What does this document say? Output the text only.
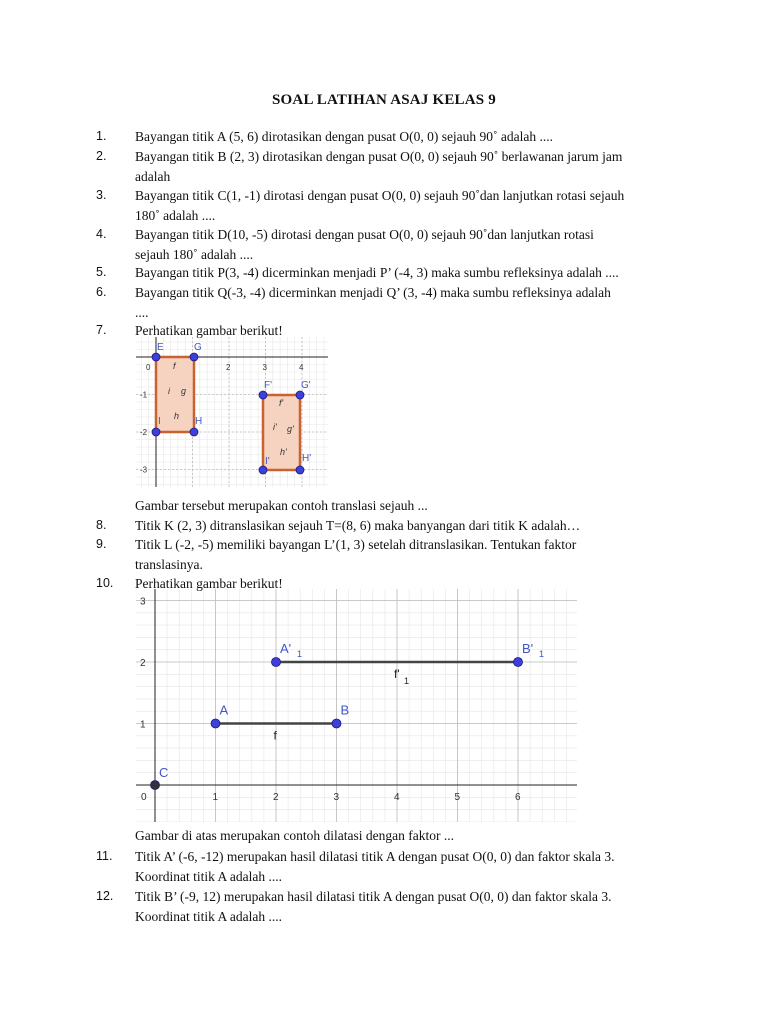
SOAL LATIHAN ASAJ KELAS 9
1.	Bayangan titik A (5, 6) dirotasikan dengan pusat O(0, 0) sejauh 90˚ adalah ....
2.	Bayangan titik B (2, 3) dirotasikan dengan pusat O(0, 0) sejauh 90˚ berlawanan jarum jam
adalah
3.	Bayangan titik C(1, -1) dirotasi dengan pusat O(0, 0) sejauh 90˚dan lanjutkan rotasi sejauh
180˚ adalah ....
4.	Bayangan titik D(10, -5) dirotasi dengan pusat O(0, 0) sejauh 90˚dan lanjutkan rotasi
sejauh 180˚ adalah ....
5.	Bayangan titik P(3, -4) dicerminkan menjadi P’ (-4, 3) maka sumbu refleksinya adalah ....
6.	Bayangan titik Q(-3, -4) dicerminkan menjadi Q’ (3, -4) maka sumbu refleksinya adalah
....
7.	Perhatikan gambar berikut!
8.	Titik K (2, 3) ditranslasikan sejauh T=(8, 6) maka banyangan dari titik K adalah…
9.	Titik L (-2, -5) memiliki bayangan L’(1, 3) setelah ditranslasikan. Tentukan faktor
translasinya.
10.	Perhatikan gambar berikut!
11.	Titik A’ (-6, -12) merupakan hasil dilatasi titik A dengan pusat O(0, 0) dan faktor skala 3.
Koordinat titik A adalah ....
12.	Titik B’ (-9, 12) merupakan hasil dilatasi titik A dengan pusat O(0, 0) dan faktor skala 3.
Koordinat titik A adalah ....
0	2	3	4
-1
-2
-3
E	G
F'	G'
I	H
I'	H'
f
i g
h
f'
i' g'
h'
0	1	2	3	4	5	6
1
2
3
f
f' 1
A	B
A' 1	B' 1
C
Gambar tersebut merupakan contoh translasi sejauh ...
Gambar di atas merupakan contoh dilatasi dengan faktor ...
